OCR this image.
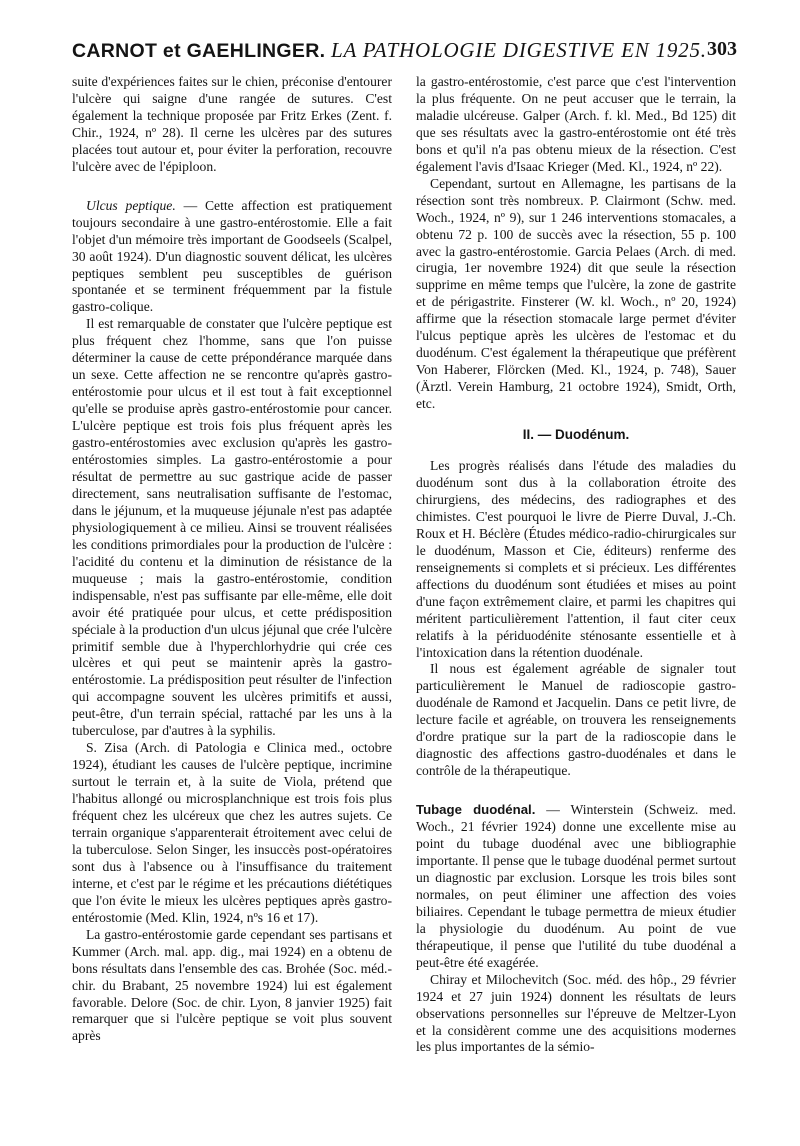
CARNOT et GAEHLINGER. LA PATHOLOGIE DIGESTIVE EN 1925. 303

suite d'expériences faites sur le chien, préconise d'entourer l'ulcère qui saigne d'une rangée de sutures. C'est également la technique proposée par Fritz Erkes (Zent. f. Chir., 1924, nº 28). Il cerne les ulcères par des sutures placées tout autour et, pour éviter la perforation, recouvre l'ulcère avec de l'épiploon.

Ulcus peptique. — Cette affection est pratiquement toujours secondaire à une gastro-entérostomie. Elle a fait l'objet d'un mémoire très important de Goodseels (Scalpel, 30 août 1924). D'un diagnostic souvent délicat, les ulcères peptiques semblent peu susceptibles de guérison spontanée et se terminent fréquemment par la fistule gastro-colique.

Il est remarquable de constater que l'ulcère peptique est plus fréquent chez l'homme, sans que l'on puisse déterminer la cause de cette prépondérance marquée dans un sexe. Cette affection ne se rencontre qu'après gastro-entérostomie pour ulcus et il est tout à fait exceptionnel qu'elle se produise après gastro-entérostomie pour cancer. L'ulcère peptique est trois fois plus fréquent après les gastro-entérostomies avec exclusion qu'après les gastro-entérostomies simples. La gastro-entérostomie a pour résultat de permettre au suc gastrique acide de passer directement, sans neutralisation suffisante de l'estomac, dans le jéjunum, et la muqueuse jéjunale n'est pas adaptée physiologiquement à ce milieu. Ainsi se trouvent réalisées les conditions primordiales pour la production de l'ulcère : l'acidité du contenu et la diminution de résistance de la muqueuse ; mais la gastro-entérostomie, condition indispensable, n'est pas suffisante par elle-même, elle doit avoir été pratiquée pour ulcus, et cette prédisposition spéciale à la production d'un ulcus jéjunal que crée l'ulcère primitif semble due à l'hyperchlorhydrie qui crée ces ulcères et qui peut se maintenir après la gastro-entérostomie. La prédisposition peut résulter de l'infection qui accompagne souvent les ulcères primitifs et aussi, peut-être, d'un terrain spécial, rattaché par les uns à la tuberculose, par d'autres à la syphilis.

S. Zisa (Arch. di Patologia e Clinica med., octobre 1924), étudiant les causes de l'ulcère peptique, incrimine surtout le terrain et, à la suite de Viola, prétend que l'habitus allongé ou microsplanchnique est trois fois plus fréquent chez les ulcéreux que chez les autres sujets. Ce terrain organique s'apparenterait étroitement avec celui de la tuberculose. Selon Singer, les insuccès post-opératoires sont dus à l'absence ou à l'insuffisance du traitement interne, et c'est par le régime et les précautions diététiques que l'on évite le mieux les ulcères peptiques après gastro-entérostomie (Med. Klin, 1924, nºs 16 et 17).

La gastro-entérostomie garde cependant ses partisans et Kummer (Arch. mal. app. dig., mai 1924) en a obtenu de bons résultats dans l'ensemble des cas. Brohée (Soc. méd.-chir. du Brabant, 25 novembre 1924) lui est également favorable. Delore (Soc. de chir. Lyon, 8 janvier 1925) fait remarquer que si l'ulcère peptique se voit plus souvent après

la gastro-entérostomie, c'est parce que c'est l'intervention la plus fréquente. On ne peut accuser que le terrain, la maladie ulcéreuse. Galper (Arch. f. kl. Med., Bd 125) dit que ses résultats avec la gastro-entérostomie ont été très bons et qu'il n'a pas obtenu mieux de la résection. C'est également l'avis d'Isaac Krieger (Med. Kl., 1924, nº 22).

Cependant, surtout en Allemagne, les partisans de la résection sont très nombreux. P. Clairmont (Schw. med. Woch., 1924, nº 9), sur 1 246 interventions stomacales, a obtenu 72 p. 100 de succès avec la résection, 55 p. 100 avec la gastro-entérostomie. Garcia Pelaes (Arch. di med. cirugia, 1er novembre 1924) dit que seule la résection supprime en même temps que l'ulcère, la zone de gastrite et de périgastrite. Finsterer (W. kl. Woch., nº 20, 1924) affirme que la résection stomacale large permet d'éviter l'ulcus peptique après les ulcères de l'estomac et du duodénum. C'est également la thérapeutique que préfèrent Von Haberer, Flörcken (Med. Kl., 1924, p. 748), Sauer (Ärztl. Verein Hamburg, 21 octobre 1924), Smidt, Orth, etc.

II. — Duodénum.

Les progrès réalisés dans l'étude des maladies du duodénum sont dus à la collaboration étroite des chirurgiens, des médecins, des radiographes et des chimistes. C'est pourquoi le livre de Pierre Duval, J.-Ch. Roux et H. Béclère (Études médico-radio-chirurgicales sur le duodénum, Masson et Cie, éditeurs) renferme des renseignements si complets et si précieux. Les différentes affections du duodénum sont étudiées et mises au point d'une façon extrêmement claire, et parmi les chapitres qui méritent particulièrement l'attention, il faut citer ceux relatifs à la périduodénite sténosante essentielle et à l'intoxication dans la rétention duodénale.

Il nous est également agréable de signaler tout particulièrement le Manuel de radioscopie gastro-duodénale de Ramond et Jacquelin. Dans ce petit livre, de lecture facile et agréable, on trouvera les renseignements d'ordre pratique sur la part de la radioscopie dans le diagnostic des affections gastro-duodénales et dans le contrôle de la thérapeutique.

Tubage duodénal. — Winterstein (Schweiz. med. Woch., 21 février 1924) donne une excellente mise au point du tubage duodénal avec une bibliographie importante. Il pense que le tubage duodénal permet surtout un diagnostic par exclusion. Lorsque les trois biles sont normales, on peut éliminer une affection des voies biliaires. Cependant le tubage permettra de mieux étudier la physiologie du duodénum. Au point de vue thérapeutique, il pense que l'utilité du tube duodénal a peut-être été exagérée.

Chiray et Milochevitch (Soc. méd. des hôp., 29 février 1924 et 27 juin 1924) donnent les résultats de leurs observations personnelles sur l'épreuve de Meltzer-Lyon et la considèrent comme une des acquisitions modernes les plus importantes de la sémio-
